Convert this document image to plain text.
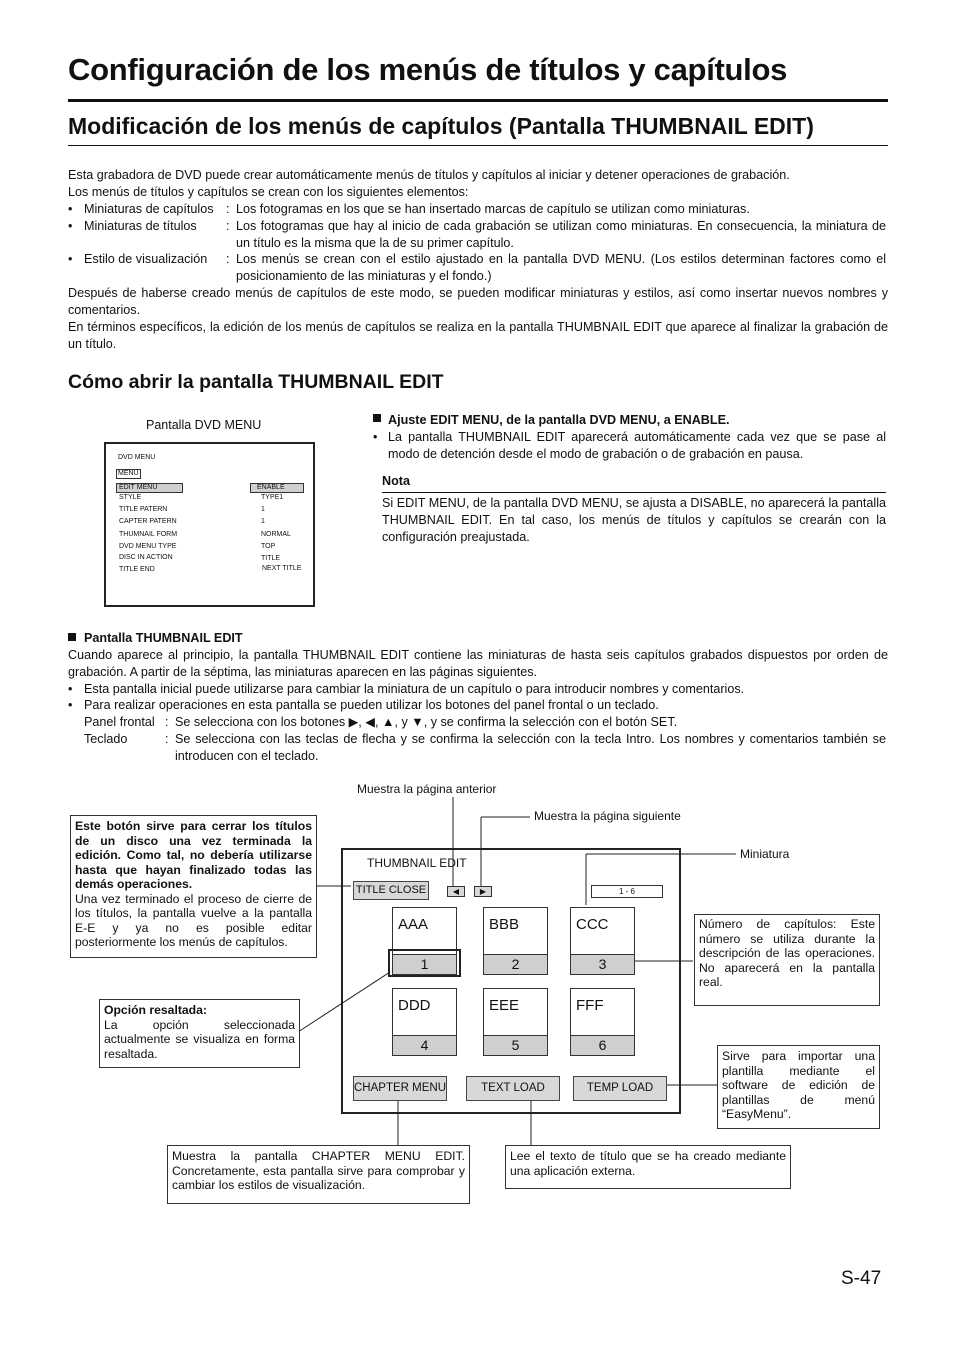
Configuración de los menús de títulos y capítulos
Modificación de los menús de capítulos (Pantalla THUMBNAIL EDIT)
Esta grabadora de DVD puede crear automáticamente menús de títulos y capítulos al iniciar y detener operaciones de grabación.
Los menús de títulos y capítulos se crean con los siguientes elementos:
• Miniaturas de capítulos : Los fotogramas en los que se han insertado marcas de capítulo se utilizan como miniaturas.
• Miniaturas de títulos : Los fotogramas que hay al inicio de cada grabación se utilizan como miniaturas. En consecuencia, la miniatura de un título es la misma que la de su primer capítulo.
• Estilo de visualización : Los menús se crean con el estilo ajustado en la pantalla DVD MENU. (Los estilos determinan factores como el posicionamiento de las miniaturas y el fondo.)
Después de haberse creado menús de capítulos de este modo, se pueden modificar miniaturas y estilos, así como insertar nuevos nombres y comentarios.
En términos específicos, la edición de los menús de capítulos se realiza en la pantalla THUMBNAIL EDIT que aparece al finalizar la grabación de un título.
Cómo abrir la pantalla THUMBNAIL EDIT
Pantalla DVD MENU
DVD MENU
MENU
EDIT MENU	ENABLE
STYLE	TYPE1
TITLE PATERN	1
CAPTER PATERN	1
THUMNAIL FORM	NORMAL
DVD MENU TYPE	TOP
DISC IN ACTION	TITLE
TITLE END	NEXT TITLE
Ajuste EDIT MENU, de la pantalla DVD MENU, a ENABLE.
• La pantalla THUMBNAIL EDIT aparecerá automáticamente cada vez que se pase al modo de detención desde el modo de grabación o de grabación en pausa.
Nota
Si EDIT MENU, de la pantalla DVD MENU, se ajusta a DISABLE, no aparecerá la pantalla THUMBNAIL EDIT. En tal caso, los menús de títulos y capítulos se crearán con la configuración preajustada.
Pantalla THUMBNAIL EDIT
Cuando aparece al principio, la pantalla THUMBNAIL EDIT contiene las miniaturas de hasta seis capítulos grabados dispuestos por orden de grabación. A partir de la séptima, las miniaturas aparecen en las páginas siguientes.
• Esta pantalla inicial puede utilizarse para cambiar la miniatura de un capítulo o para introducir nombres y comentarios.
• Para realizar operaciones en esta pantalla se pueden utilizar los botones del panel frontal o un teclado.
Panel frontal : Se selecciona con los botones ▶, ◀, ▲, y ▼, y se confirma la selección con el botón SET.
Teclado	: Se selecciona con las teclas de flecha y se confirma la selección con la tecla Intro. Los nombres y comentarios también se introducen con el teclado.
Muestra la página anterior
Muestra la página siguiente
Miniatura
THUMBNAIL EDIT
TITLE CLOSE	◀	▶	1 - 6
AAA
1
BBB
2
CCC
3
DDD
4
EEE
5
FFF
6
CHAPTER MENU	TEXT LOAD	TEMP LOAD
Este botón sirve para cerrar los títulos de un disco una vez terminada la edición. Como tal, no debería utilizarse hasta que hayan finalizado todas las demás operaciones.
Una vez terminado el proceso de cierre de los títulos, la pantalla vuelve a la pantalla E-E y ya no es posible editar posteriormente los menús de capítulos.
Opción resaltada:
La opción seleccionada actualmente se visualiza en forma resaltada.
Número de capítulos: Este número se utiliza durante la descripción de las operaciones. No aparecerá en la pantalla real.
Sirve para importar una plantilla mediante el software de edición de plantillas de menú “EasyMenu”.
Muestra la pantalla CHAPTER MENU EDIT. Concretamente, esta pantalla sirve para comprobar y cambiar los estilos de visualización.
Lee el texto de título que se ha creado mediante una aplicación externa.
S-47
